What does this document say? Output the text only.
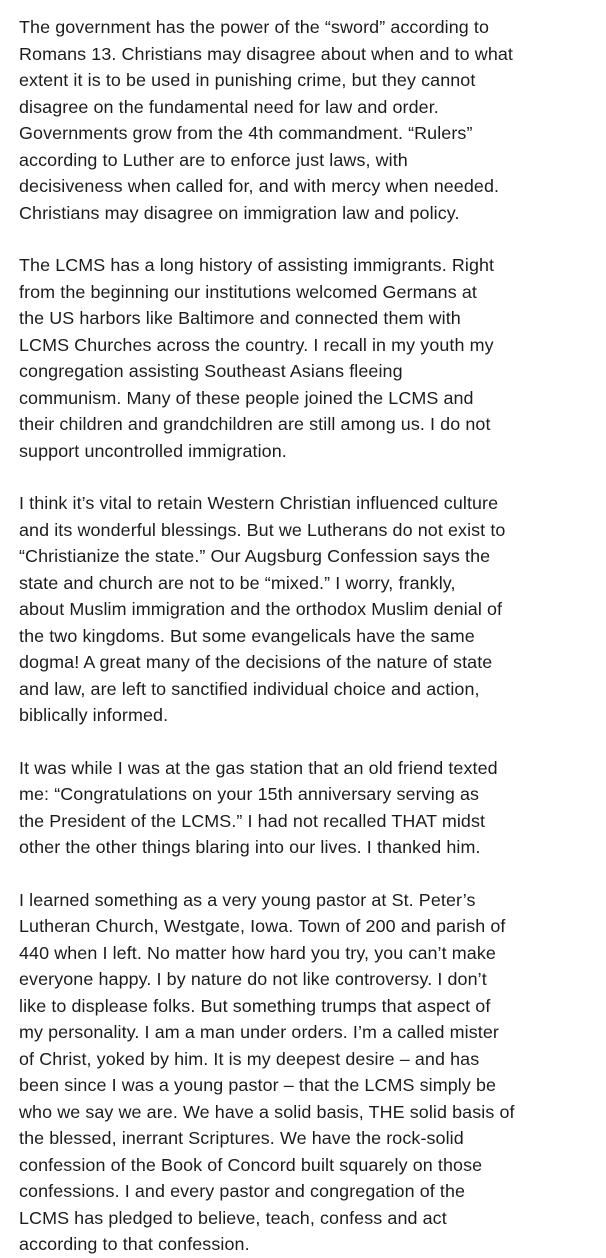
The government has the power of the “sword” according to
Romans 13. Christians may disagree about when and to what
extent it is to be used in punishing crime, but they cannot
disagree on the fundamental need for law and order.
Governments grow from the 4th commandment. “Rulers”
according to Luther are to enforce just laws, with
decisiveness when called for, and with mercy when needed.
Christians may disagree on immigration law and policy.
The LCMS has a long history of assisting immigrants. Right
from the beginning our institutions welcomed Germans at
the US harbors like Baltimore and connected them with
LCMS Churches across the country. I recall in my youth my
congregation assisting Southeast Asians fleeing
communism. Many of these people joined the LCMS and
their children and grandchildren are still among us. I do not
support uncontrolled immigration.
I think it’s vital to retain Western Christian influenced culture
and its wonderful blessings. But we Lutherans do not exist to
“Christianize the state.” Our Augsburg Confession says the
state and church are not to be “mixed.” I worry, frankly,
about Muslim immigration and the orthodox Muslim denial of
the two kingdoms. But some evangelicals have the same
dogma! A great many of the decisions of the nature of state
and law, are left to sanctified individual choice and action,
biblically informed.
It was while I was at the gas station that an old friend texted
me: “Congratulations on your 15th anniversary serving as
the President of the LCMS.” I had not recalled THAT midst
other the other things blaring into our lives. I thanked him.
I learned something as a very young pastor at St. Peter’s
Lutheran Church, Westgate, Iowa. Town of 200 and parish of
440 when I left. No matter how hard you try, you can’t make
everyone happy. I by nature do not like controversy. I don’t
like to displease folks. But something trumps that aspect of
my personality. I am a man under orders. I’m a called mister
of Christ, yoked by him. It is my deepest desire – and has
been since I was a young pastor – that the LCMS simply be
who we say we are. We have a solid basis, THE solid basis of
the blessed, inerrant Scriptures. We have the rock-solid
confession of the Book of Concord built squarely on those
confessions. I and every pastor and congregation of the
LCMS has pledged to believe, teach, confess and act
according to that confession.
